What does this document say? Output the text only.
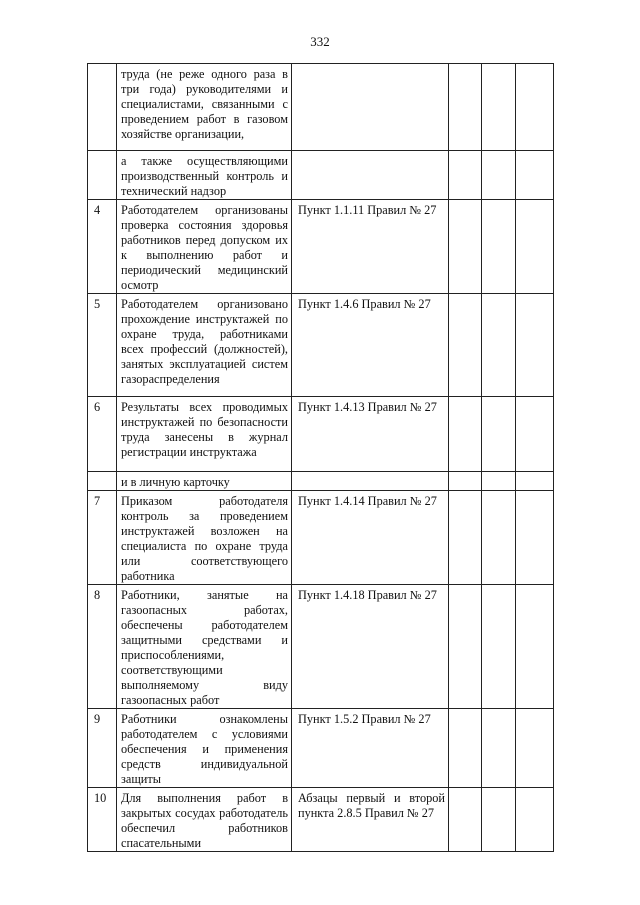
332
	труда (не реже одного раза в три года) руководителями и специалистами, связанными с проведением работ в газовом хозяйстве организации,				
	а также осуществляющими производственный контроль и технический надзор				
4	Работодателем организованы проверка состояния здоровья работников перед допуском их к выполнению работ и периодический медицинский осмотр	Пункт 1.1.11 Правил № 27			
5	Работодателем организовано прохождение инструктажей по охране труда, работниками всех профессий (должностей), занятых эксплуатацией систем газораспределения	Пункт 1.4.6 Правил № 27			
6	Результаты всех проводимых инструктажей по безопасности труда занесены в журнал регистрации инструктажа	Пункт 1.4.13 Правил № 27			
	и в личную карточку				
7	Приказом работодателя контроль за проведением инструктажей возложен на специалиста по охране труда или соответствующего работника	Пункт 1.4.14 Правил № 27			
8	Работники, занятые на газоопасных работах, обеспечены работодателем защитными средствами и приспособлениями, соответствующими выполняемому виду газоопасных работ	Пункт 1.4.18 Правил № 27			
9	Работники ознакомлены работодателем с условиями обеспечения и применения средств индивидуальной защиты	Пункт 1.5.2 Правил № 27			
10	Для выполнения работ в закрытых сосудах работодатель обеспечил работников спасательными	Абзацы первый и второй пункта 2.8.5 Правил № 27			
